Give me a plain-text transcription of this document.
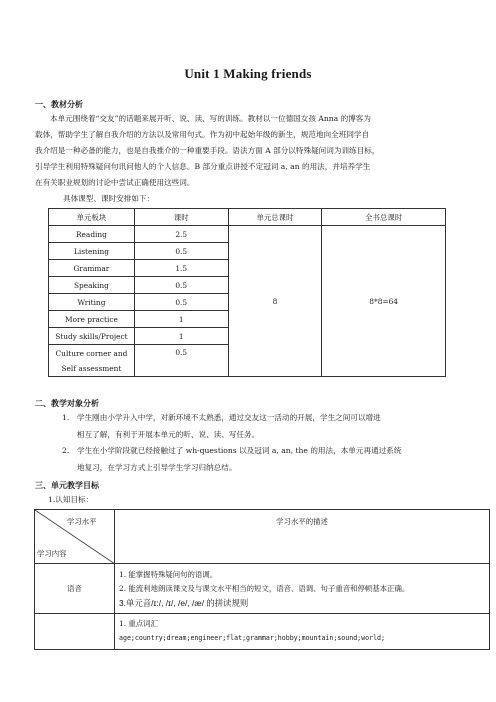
Unit 1 Making friends
一、教材分析
本单元围绕着“交友”的话题来展开听、说、读、写的训练。教材以一位德国女孩 Anna 的博客为
载体，帮助学生了解自我介绍的方法以及常用句式。作为初中起始年级的新生，规范地向全班同学自
我介绍是一种必备的能力，也是自我推介的一种重要手段。语法方面 A 部分以特殊疑问词为训练目标，
引导学生利用特殊疑问句讯问他人的个人信息。B 部分重点讲授不定冠词 a, an 的用法，并培养学生
在有关职业规划的讨论中尝试正确使用这些词。
具体课型、课时安排如下：
单元板块	课时	单元总课时	全书总课时
Reading	2.5	8	8*8=64
Listening	0.5		
Grammar	1.5		
Speaking	0.5		
Writing	0.5		
More practice	1		
Study skills/Project	1		
Culture corner and
Self assessment	0.5		
二、教学对象分析
1. 学生刚由小学升入中学，对新环境不太熟悉，通过交友这一活动的开展，学生之间可以增进
相互了解，有利于开展本单元的听、说、读、写任务。
2. 学生在小学阶段就已经接触过了 wh-questions 以及冠词 a, an, the 的用法，本单元再通过系统
地复习，在学习方式上引导学生学习归纳总结。
三、单元教学目标
1.认知目标：
学习水平
学习内容	学习水平的描述
语音	1. 能掌握特殊疑问句的语调。
2. 能流利地朗读课文及与课文水平相当的短文，语音、语调、句子重音和停顿基本正确。
3.单元音/ɪ:/, /ɪ/, /e/, /æ/ 的拼读规则

	1. 重点词汇
age;country;dream;engineer;flat;grammar;hobby;mountain;sound;world;
